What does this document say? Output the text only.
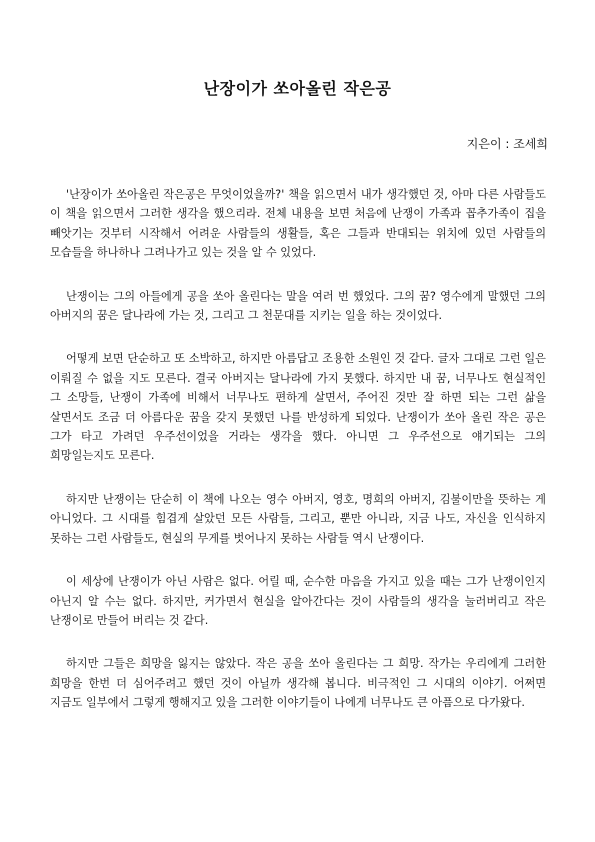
난장이가 쏘아올린 작은공
지은이 : 조세희

'난장이가 쏘아올린 작은공은 무엇이었을까?' 책을 읽으면서 내가 생각했던 것, 아마 다른 사람들도 이 책을 읽으면서 그러한 생각을 했으리라. 전체 내용을 보면 처음에 난쟁이 가족과 꼽추가족이 집을 빼앗기는 것부터 시작해서 어려운 사람들의 생활들, 혹은 그들과 반대되는 위치에 있던 사람들의 모습들을 하나하나 그려나가고 있는 것을 알 수 있었다.

난쟁이는 그의 아들에게 공을 쏘아 올린다는 말을 여러 번 했었다. 그의 꿈? 영수에게 말했던 그의 아버지의 꿈은 달나라에 가는 것, 그리고 그 천문대를 지키는 일을 하는 것이었다.

어떻게 보면 단순하고 또 소박하고, 하지만 아름답고 조용한 소원인 것 같다. 글자 그대로 그런 일은 이뤄질 수 없을 지도 모른다. 결국 아버지는 달나라에 가지 못했다. 하지만 내 꿈, 너무나도 현실적인 그 소망들, 난쟁이 가족에 비해서 너무나도 편하게 살면서, 주어진 것만 잘 하면 되는 그런 삶을 살면서도 조금 더 아름다운 꿈을 갖지 못했던 나를 반성하게 되었다. 난쟁이가 쏘아 올린 작은 공은 그가 타고 가려던 우주선이었을 거라는 생각을 했다. 아니면 그 우주선으로 얘기되는 그의 희망일는지도 모른다.

하지만 난쟁이는 단순히 이 책에 나오는 영수 아버지, 영호, 명희의 아버지, 김불이만을 뜻하는 게 아니었다. 그 시대를 힘겹게 살았던 모든 사람들, 그리고, 뿐만 아니라, 지금 나도, 자신을 인식하지 못하는 그런 사람들도, 현실의 무게를 벗어나지 못하는 사람들 역시 난쟁이다.

이 세상에 난쟁이가 아닌 사람은 없다. 어릴 때, 순수한 마음을 가지고 있을 때는 그가 난쟁이인지 아닌지 알 수는 없다. 하지만, 커가면서 현실을 알아간다는 것이 사람들의 생각을 눌러버리고 작은 난쟁이로 만들어 버리는 것 같다.

하지만 그들은 희망을 잃지는 않았다. 작은 공을 쏘아 올린다는 그 희망. 작가는 우리에게 그러한 희망을 한번 더 심어주려고 했던 것이 아닐까 생각해 봅니다. 비극적인 그 시대의 이야기. 어쩌면 지금도 일부에서 그렇게 행해지고 있을 그러한 이야기들이 나에게 너무나도 큰 아픔으로 다가왔다.
